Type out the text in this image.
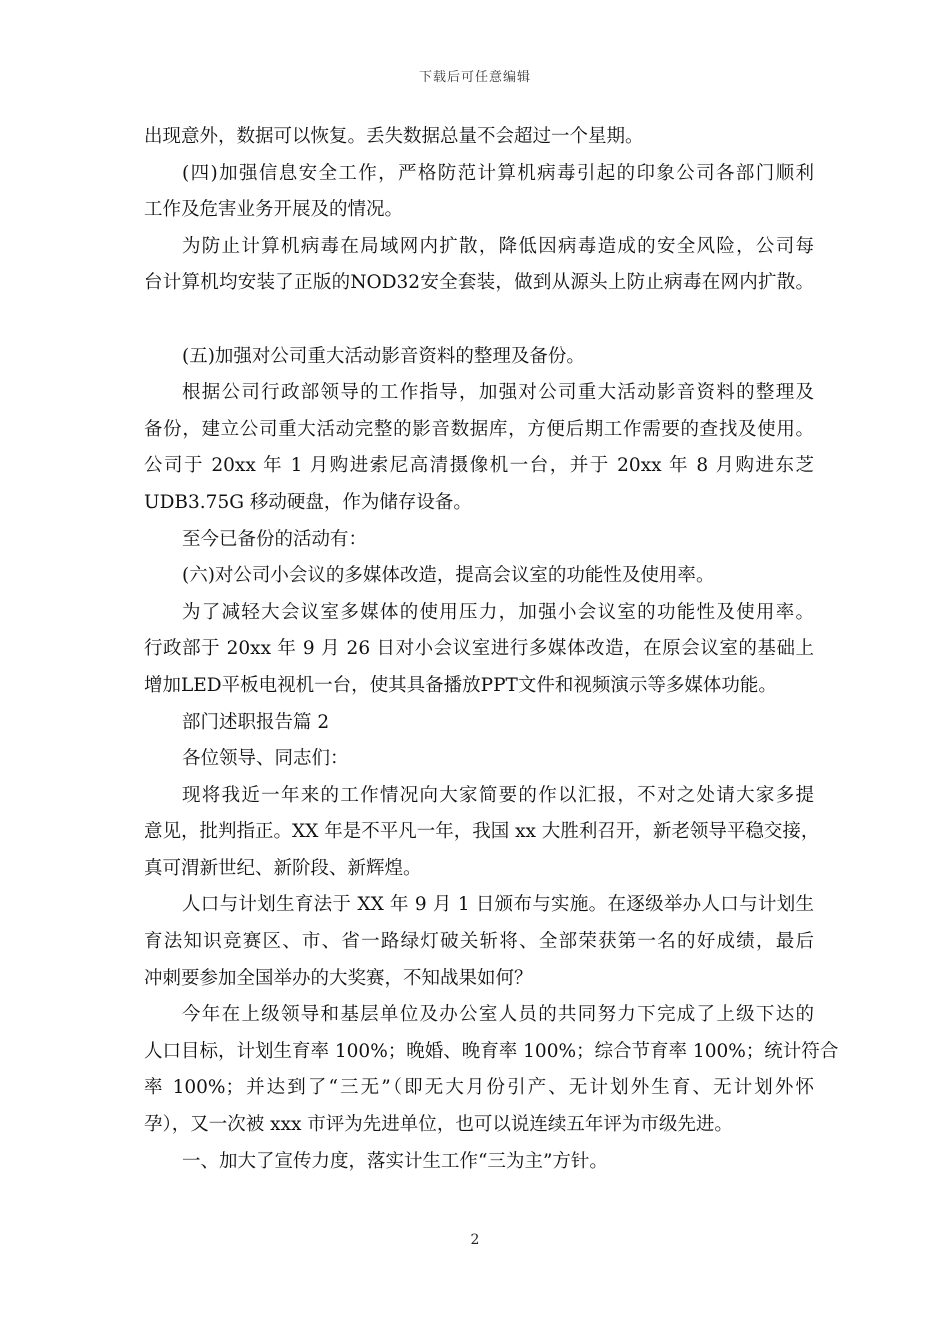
下载后可任意编辑
出现意外，数据可以恢复。丢失数据总量不会超过一个星期。
(四)加强信息安全工作，严格防范计算机病毒引起的印象公司各部门顺利
工作及危害业务开展及的情况。
为防止计算机病毒在局域网内扩散，降低因病毒造成的安全风险，公司每
台计算机均安装了正版的NOD32安全套装，做到从源头上防止病毒在网内扩散。
(五)加强对公司重大活动影音资料的整理及备份。
根据公司行政部领导的工作指导，加强对公司重大活动影音资料的整理及
备份，建立公司重大活动完整的影音数据库，方便后期工作需要的查找及使用。
公司于 20xx 年 1 月购进索尼高清摄像机一台，并于 20xx 年 8 月购进东芝
UDB3.75G 移动硬盘，作为储存设备。
至今已备份的活动有：
(六)对公司小会议的多媒体改造，提高会议室的功能性及使用率。
为了减轻大会议室多媒体的使用压力，加强小会议室的功能性及使用率。
行政部于 20xx 年 9 月 26 日对小会议室进行多媒体改造，在原会议室的基础上
增加LED平板电视机一台，使其具备播放PPT文件和视频演示等多媒体功能。
部门述职报告篇 2
各位领导、同志们：
现将我近一年来的工作情况向大家简要的作以汇报，不对之处请大家多提
意见，批判指正。XX 年是不平凡一年，我国 xx 大胜利召开，新老领导平稳交接，
真可渭新世纪、新阶段、新辉煌。
人口与计划生育法于 XX 年 9 月 1 日颁布与实施。在逐级举办人口与计划生
育法知识竞赛区、市、省一路绿灯破关斩将、全部荣获第一名的好成绩，最后
冲刺要参加全国举办的大奖赛，不知战果如何？
今年在上级领导和基层单位及办公室人员的共同努力下完成了上级下达的
人口目标，计划生育率 100%；晚婚、晚育率 100%；综合节育率 100%；统计符合
率 100%；并达到了“三无”（即无大月份引产、无计划外生育、无计划外怀
孕），又一次被 xxx 市评为先进单位，也可以说连续五年评为市级先进。
一、加大了宣传力度，落实计生工作“三为主”方针。
2
